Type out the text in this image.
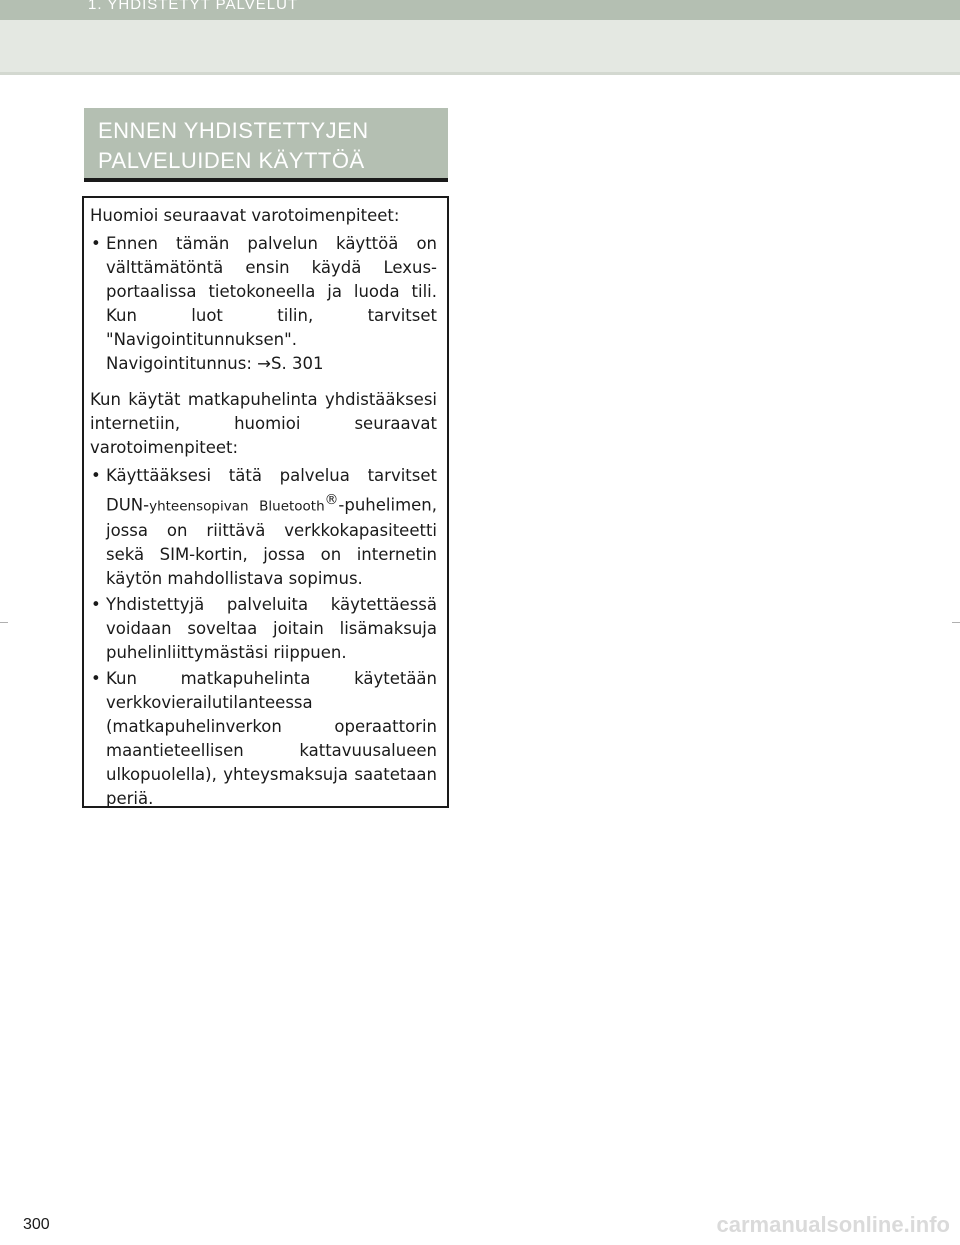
1. YHDISTETYT PALVELUT
ENNEN YHDISTETTYJEN
PALVELUIDEN KÄYTTÖÄ

Huomioi seuraavat varotoimenpiteet:

• Ennen tämän palvelun käyttöä on välttämätöntä ensin käydä Lexus-portaalissa tietokoneella ja luoda tili. Kun luot tilin, tarvitset "Navigointitunnuksen". Navigointitunnus: →S. 301

Kun käytät matkapuhelinta yhdistääksesi internetiin, huomioi seuraavat varotoimenpiteet:

• Käyttääksesi tätä palvelua tarvitset DUN-yhteensopivan Bluetooth®-puhelimen, jossa on riittävä verkkokapasiteetti sekä SIM-kortin, jossa on internetin käytön mahdollistava sopimus.
• Yhdistettyjä palveluita käytettäessä voidaan soveltaa joitain lisämaksuja puhelinliittymästäsi riippuen.
• Kun matkapuhelinta käytetään verkkovierailutilanteessa (matkapuhelinverkon operaattorin maantieteellisen kattavuusalueen ulkopuolella), yhteysmaksuja saatetaan periä.
300	carmanualsonline.info
